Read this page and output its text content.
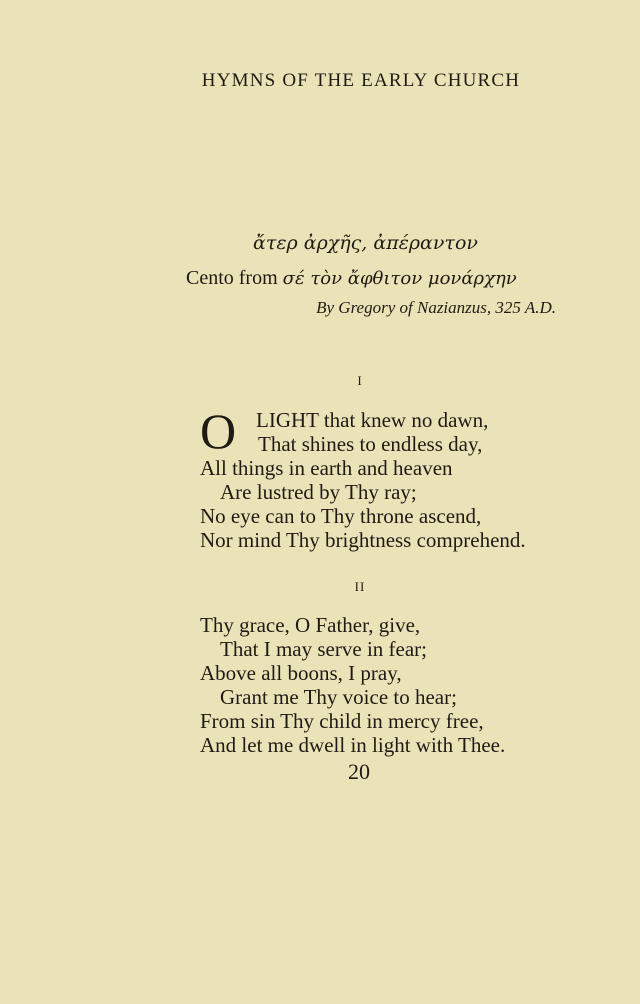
HYMNS OF THE EARLY CHURCH
ἄτερ ἀρχῆς, ἀπέραντον
Cento from σέ τὸν ἄφθιτον μονάρχην
By Gregory of Nazianzus, 325 A.D.
I
O LIGHT that knew no dawn,
That shines to endless day,
All things in earth and heaven
Are lustred by Thy ray;
No eye can to Thy throne ascend,
Nor mind Thy brightness comprehend.
II
Thy grace, O Father, give,
That I may serve in fear;
Above all boons, I pray,
Grant me Thy voice to hear;
From sin Thy child in mercy free,
And let me dwell in light with Thee.
20
